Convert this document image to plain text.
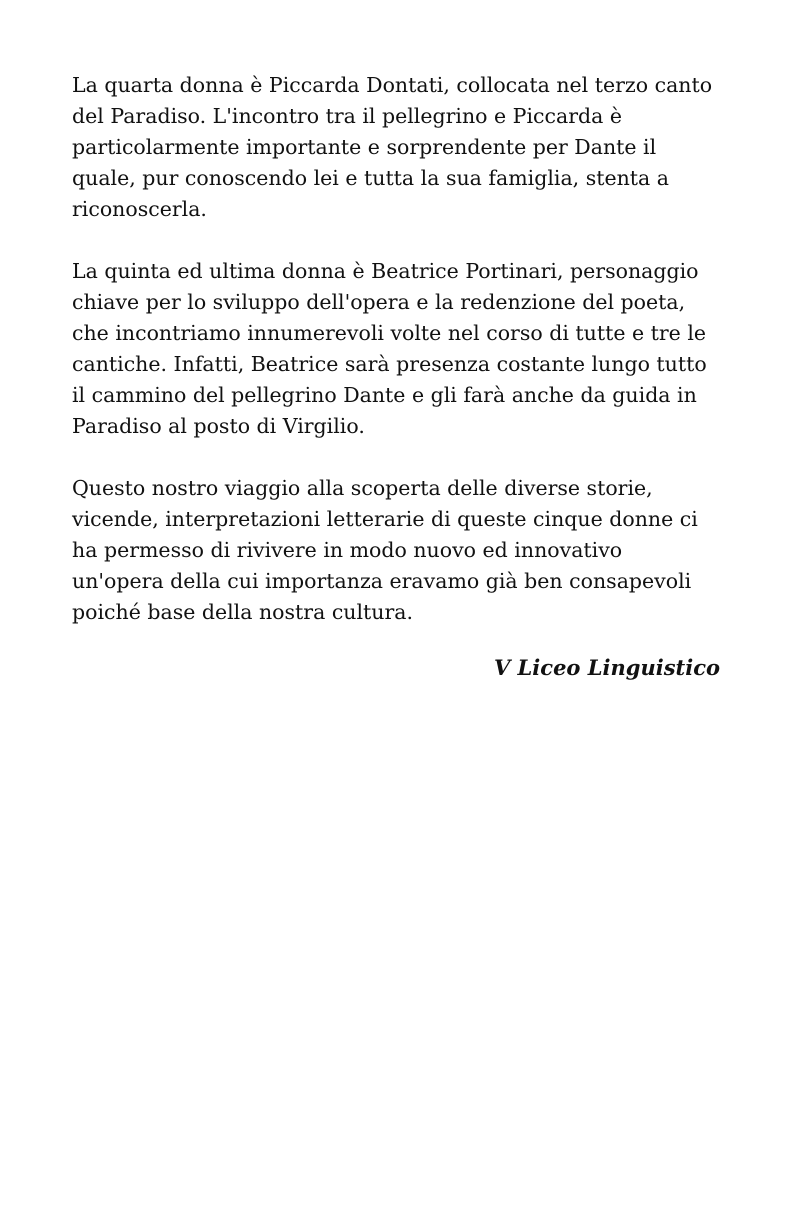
La quarta donna è Piccarda Dontati, collocata nel terzo canto
del Paradiso. L'incontro tra il pellegrino e Piccarda è
particolarmente importante e sorprendente per Dante il
quale, pur conoscendo lei e tutta la sua famiglia, stenta a
riconoscerla.

La quinta ed ultima donna è Beatrice Portinari, personaggio
chiave per lo sviluppo dell'opera e la redenzione del poeta,
che incontriamo innumerevoli volte nel corso di tutte e tre le
cantiche. Infatti, Beatrice sarà presenza costante lungo tutto
il cammino del pellegrino Dante e gli farà anche da guida in
Paradiso al posto di Virgilio.

Questo nostro viaggio alla scoperta delle diverse storie,
vicende, interpretazioni letterarie di queste cinque donne ci
ha permesso di rivivere in modo nuovo ed innovativo
un'opera della cui importanza eravamo già ben consapevoli
poiché base della nostra cultura.

V Liceo Linguistico
